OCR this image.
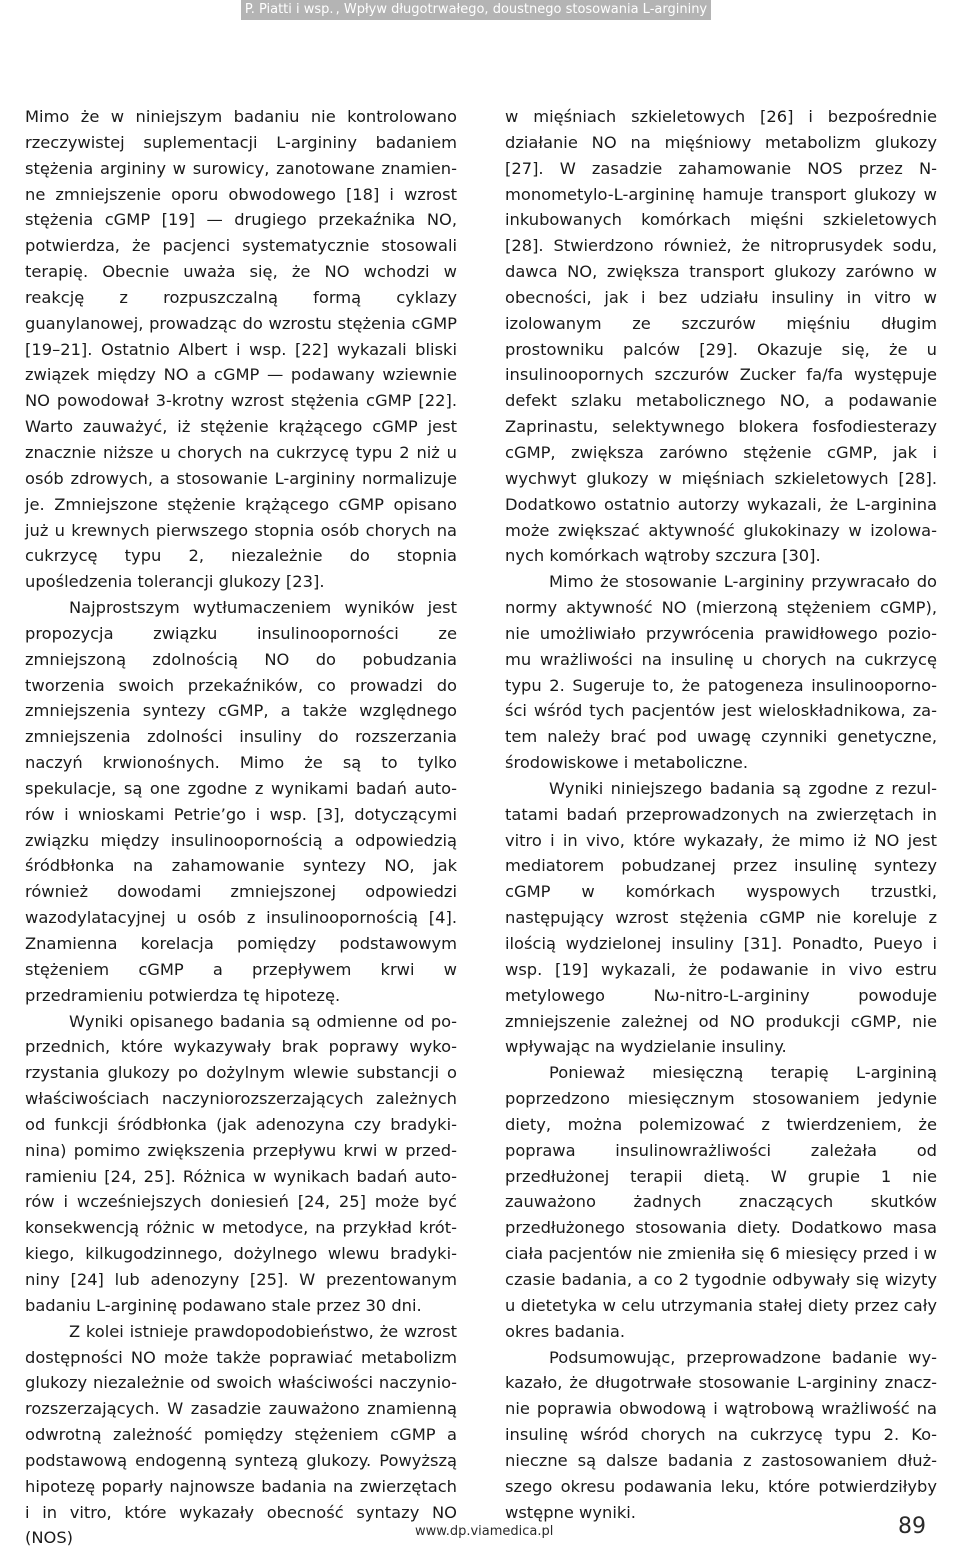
P. Piatti i wsp. , Wpływ długotrwałego, doustnego stosowania L-argininy

Mimo że w niniejszym badaniu nie kontrolowano rzeczywistej suplementacji L-argininy badaniem stężenia argininy w surowicy, zanotowane znamienne zmniejszenie oporu obwodowego [18] i wzrost stężenia cGMP [19] — drugiego przekaźnika NO, potwierdza, że pacjenci systematycznie stosowali terapię. Obecnie uważa się, że NO wchodzi w reakcję z rozpuszczalną formą cyklazy guanylanowej, prowadząc do wzrostu stężenia cGMP [19–21]. Ostatnio Albert i wsp. [22] wykazali bliski związek między NO a cGMP — podawany wziewnie NO powodował 3-krotny wzrost stężenia cGMP [22]. Warto zauważyć, iż stężenie krążącego cGMP jest znacznie niższe u chorych na cukrzycę typu 2 niż u osób zdrowych, a stosowanie L-argininy normalizuje je. Zmniejszone stężenie krążącego cGMP opisano już u krewnych pierwszego stopnia osób chorych na cukrzycę typu 2, niezależnie do stopnia upośledzenia tolerancji glukozy [23].

Najprostszym wytłumaczeniem wyników jest propozycja związku insulinooporności ze zmniejszoną zdolnością NO do pobudzania tworzenia swoich przekaźników, co prowadzi do zmniejszenia syntezy cGMP, a także względnego zmniejszenia zdolności insuliny do rozszerzania naczyń krwionośnych. Mimo że są to tylko spekulacje, są one zgodne z wynikami badań autorów i wnioskami Petrie’go i wsp. [3], dotyczącymi związku między insulinoopornością a odpowiedzią śródbłonka na zahamowanie syntezy NO, jak również dowodami zmniejszonej odpowiedzi wazodylatacyjnej u osób z insulinoopornością [4]. Znamienna korelacja pomiędzy podstawowym stężeniem cGMP a przepływem krwi w przedramieniu potwierdza tę hipotezę.

Wyniki opisanego badania są odmienne od poprzednich, które wykazywały brak poprawy wykorzystania glukozy po dożylnym wlewie substancji o właściwościach naczyniorozszerzających zależnych od funkcji śródbłonka (jak adenozyna czy bradykinina) pomimo zwiększenia przepływu krwi w przedramieniu [24, 25]. Różnica w wynikach badań autorów i wcześniejszych doniesień [24, 25] może być konsekwencją różnic w metodyce, na przykład krótkiego, kilkugodzinnego, dożylnego wlewu bradykininy [24] lub adenozyny [25]. W prezentowanym badaniu L-argininę podawano stale przez 30 dni.

Z kolei istnieje prawdopodobieństwo, że wzrost dostępności NO może także poprawiać metabolizm glukozy niezależnie od swoich właściwości naczyniorozszerzających. W zasadzie zauważono znamienną odwrotną zależność pomiędzy stężeniem cGMP a podstawową endogenną syntezą glukozy. Powyższą hipotezę poparły najnowsze badania na zwierzętach i in vitro, które wykazały obecność syntazy NO (NOS)

w mięśniach szkieletowych [26] i bezpośrednie działanie NO na mięśniowy metabolizm glukozy [27]. W zasadzie zahamowanie NOS przez N-monometylo-L-argininę hamuje transport glukozy w inkubowanych komórkach mięśni szkieletowych [28]. Stwierdzono również, że nitroprusydek sodu, dawca NO, zwiększa transport glukozy zarówno w obecności, jak i bez udziału insuliny in vitro w izolowanym ze szczurów mięśniu długim prostowniku palców [29]. Okazuje się, że u insulinoopornych szczurów Zucker fa/fa występuje defekt szlaku metabolicznego NO, a podawanie Zaprinastu, selektywnego blokera fosfodiesterazy cGMP, zwiększa zarówno stężenie cGMP, jak i wychwyt glukozy w mięśniach szkieletowych [28]. Dodatkowo ostatnio autorzy wykazali, że L-arginina może zwiększać aktywność glukokinazy w izolowanych komórkach wątroby szczura [30].

Mimo że stosowanie L-argininy przywracało do normy aktywność NO (mierzoną stężeniem cGMP), nie umożliwiało przywrócenia prawidłowego poziomu wrażliwości na insulinę u chorych na cukrzycę typu 2. Sugeruje to, że patogeneza insulinooporności wśród tych pacjentów jest wieloskładnikowa, zatem należy brać pod uwagę czynniki genetyczne, środowiskowe i metaboliczne.

Wyniki niniejszego badania są zgodne z rezultatami badań przeprowadzonych na zwierzętach in vitro i in vivo, które wykazały, że mimo iż NO jest mediatorem pobudzanej przez insulinę syntezy cGMP w komórkach wyspowych trzustki, następujący wzrost stężenia cGMP nie koreluje z ilością wydzielonej insuliny [31]. Ponadto, Pueyo i wsp. [19] wykazali, że podawanie in vivo estru metylowego Nω-nitro-L-argininy powoduje zmniejszenie zależnej od NO produkcji cGMP, nie wpływając na wydzielanie insuliny.

Ponieważ miesięczną terapię L-argininą poprzedzono miesięcznym stosowaniem jedynie diety, można polemizować z twierdzeniem, że poprawa insulinowrażliwości zależała od przedłużonej terapii dietą. W grupie 1 nie zauważono żadnych znaczących skutków przedłużonego stosowania diety. Dodatkowo masa ciała pacjentów nie zmieniła się 6 miesięcy przed i w czasie badania, a co 2 tygodnie odbywały się wizyty u dietetyka w celu utrzymania stałej diety przez cały okres badania.

Podsumowując, przeprowadzone badanie wykazało, że długotrwałe stosowanie L-argininy znacznie poprawia obwodową i wątrobową wrażliwość na insulinę wśród chorych na cukrzycę typu 2. Konieczne są dalsze badania z zastosowaniem dłuższego okresu podawania leku, które potwierdziłyby wstępne wyniki.

www.dp.viamedica.pl	89
